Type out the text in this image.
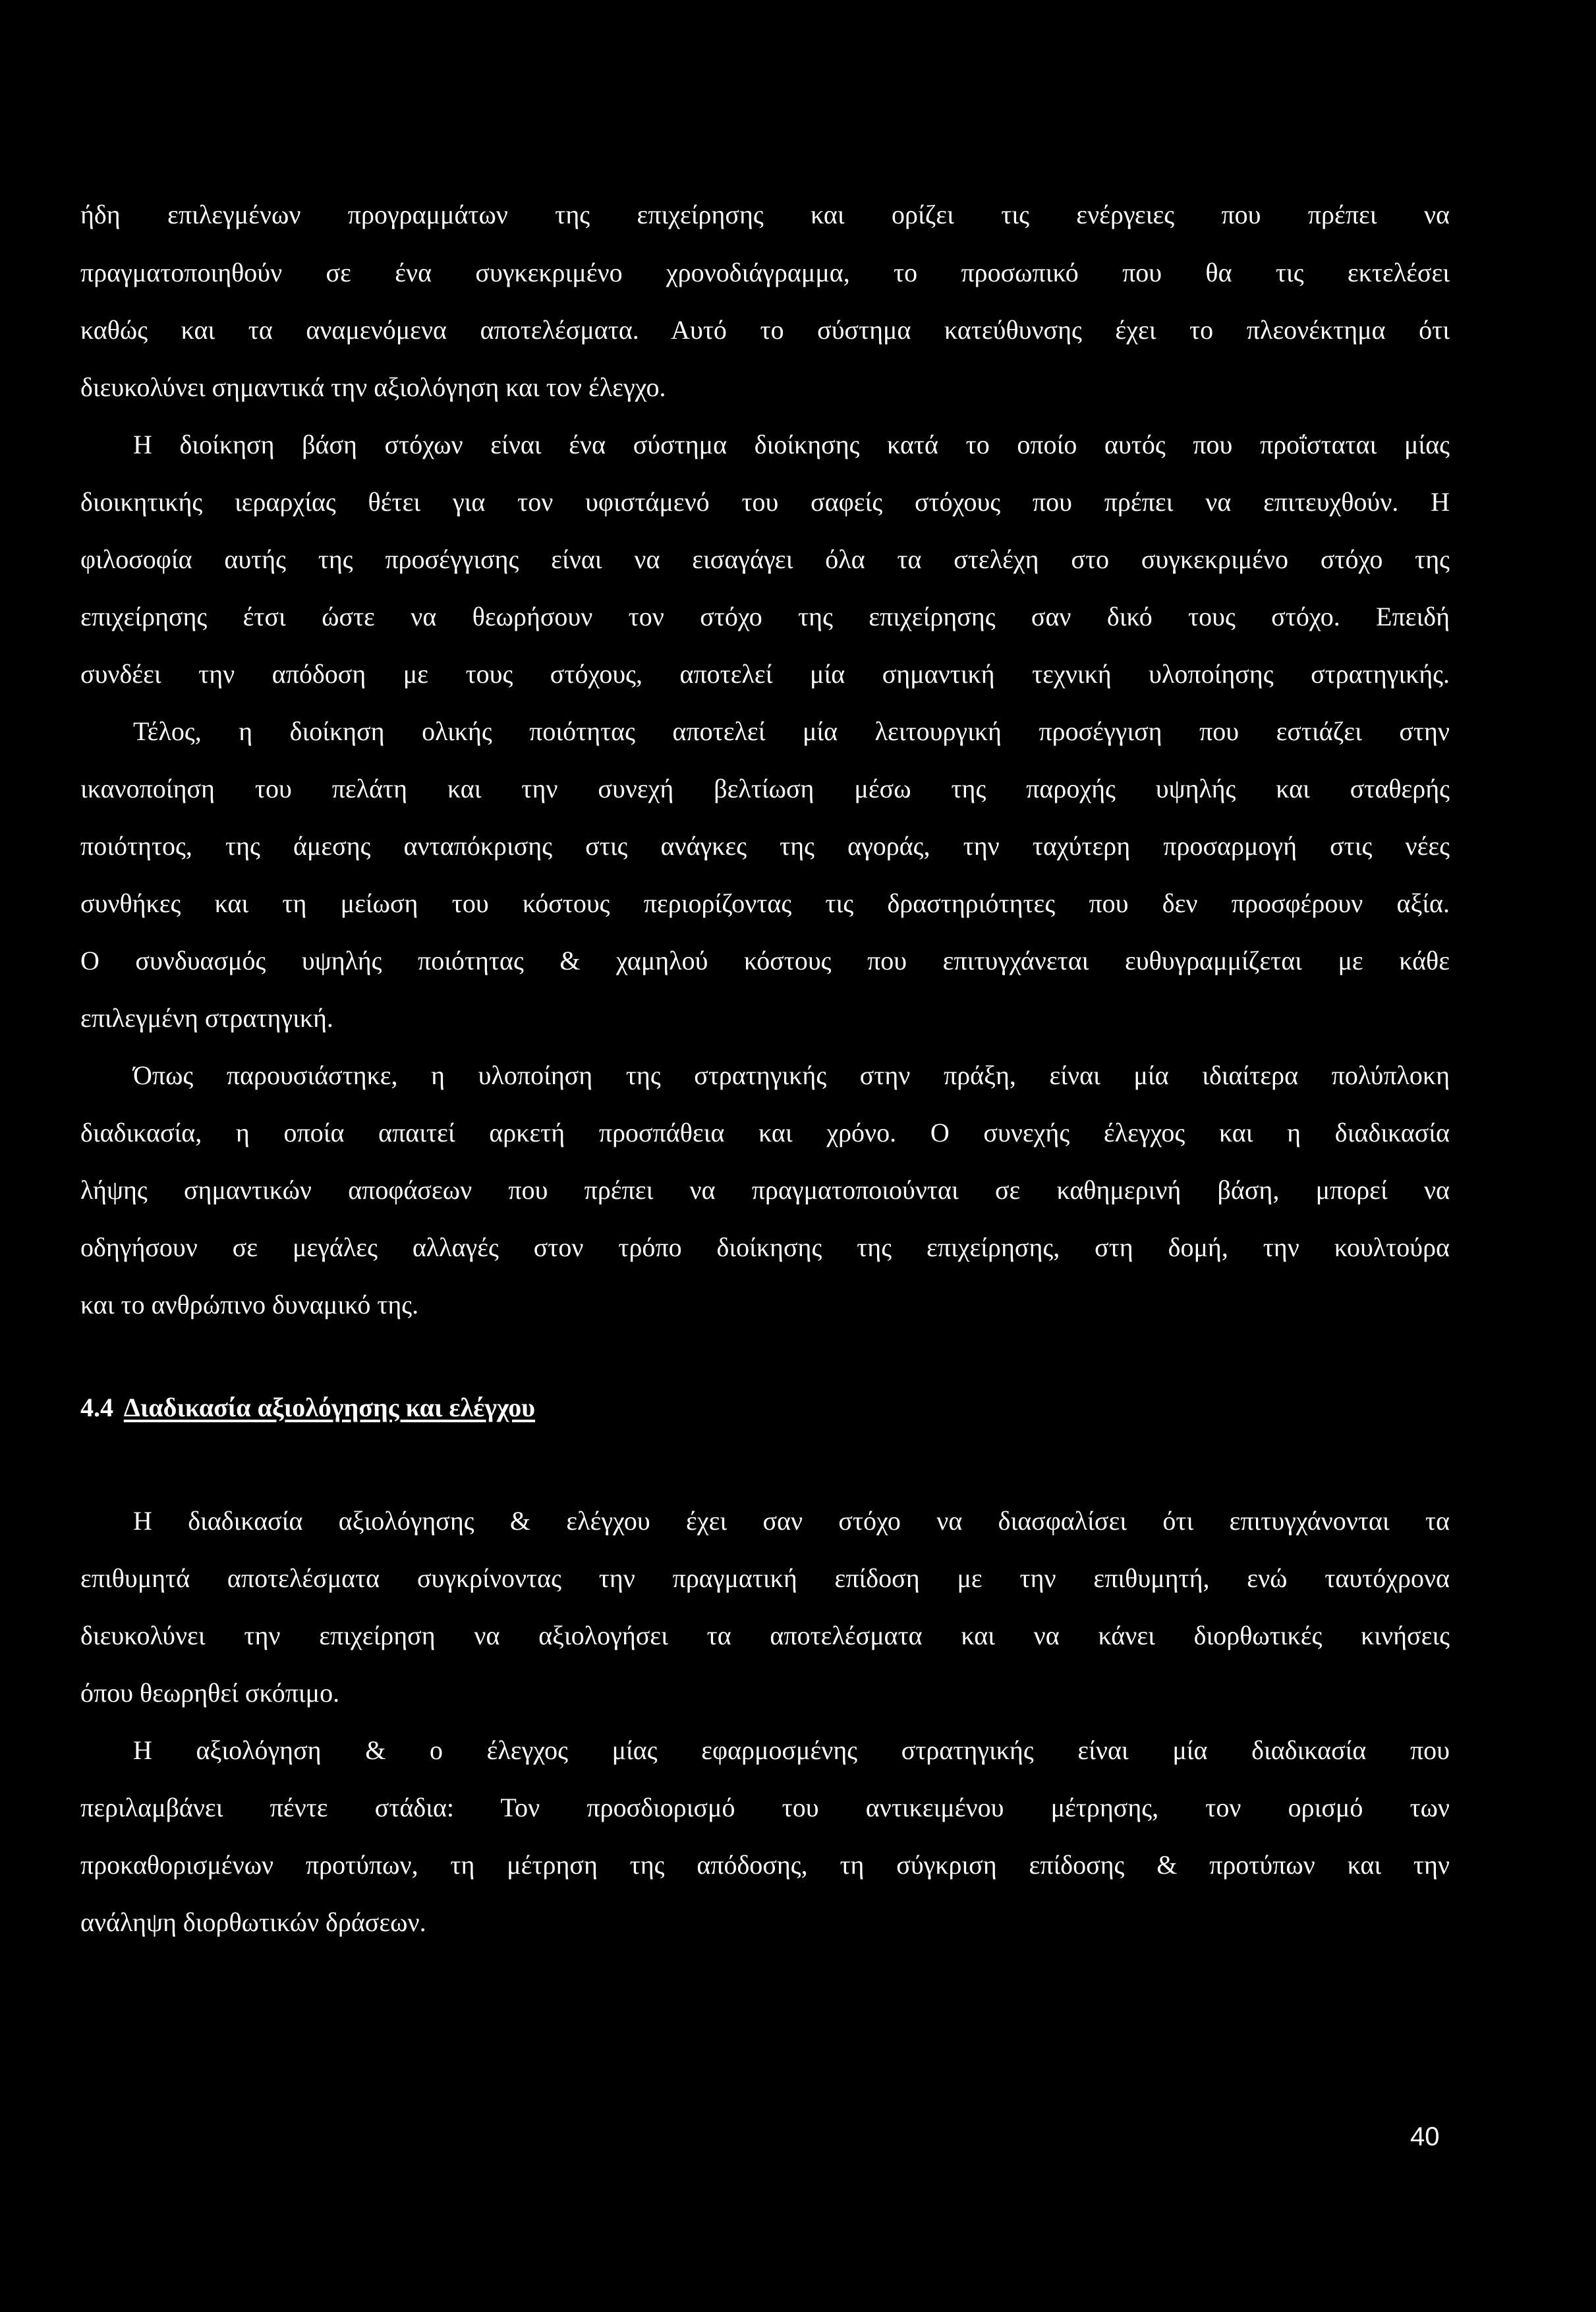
ήδη επιλεγμένων προγραμμάτων της επιχείρησης και ορίζει τις ενέργειες που πρέπει να
πραγματοποιηθούν σε ένα συγκεκριμένο χρονοδιάγραμμα, το προσωπικό που θα τις εκτελέσει
καθώς και τα αναμενόμενα αποτελέσματα. Αυτό το σύστημα κατεύθυνσης έχει το πλεονέκτημα ότι
διευκολύνει σημαντικά την αξιολόγηση και τον έλεγχο.
Η διοίκηση βάση στόχων είναι ένα σύστημα διοίκησης κατά το οποίο αυτός που προΐσταται μίας
διοικητικής ιεραρχίας θέτει για τον υφιστάμενό του σαφείς στόχους που πρέπει να επιτευχθούν. Η
φιλοσοφία αυτής της προσέγγισης είναι να εισαγάγει όλα τα στελέχη στο συγκεκριμένο στόχο της
επιχείρησης έτσι ώστε να θεωρήσουν τον στόχο της επιχείρησης σαν δικό τους στόχο. Επειδή
συνδέει την απόδοση με τους στόχους, αποτελεί μία σημαντική τεχνική υλοποίησης στρατηγικής.
Τέλος, η διοίκηση ολικής ποιότητας αποτελεί μία λειτουργική προσέγγιση που εστιάζει στην
ικανοποίηση του πελάτη και την συνεχή βελτίωση μέσω της παροχής υψηλής και σταθερής
ποιότητος, της άμεσης ανταπόκρισης στις ανάγκες της αγοράς, την ταχύτερη προσαρμογή στις νέες
συνθήκες και τη μείωση του κόστους περιορίζοντας τις δραστηριότητες που δεν προσφέρουν αξία.
Ο συνδυασμός υψηλής ποιότητας & χαμηλού κόστους που επιτυγχάνεται ευθυγραμμίζεται με κάθε
επιλεγμένη στρατηγική.
Όπως παρουσιάστηκε, η υλοποίηση της στρατηγικής στην πράξη, είναι μία ιδιαίτερα πολύπλοκη
διαδικασία, η οποία απαιτεί αρκετή προσπάθεια και χρόνο. Ο συνεχής έλεγχος και η διαδικασία
λήψης σημαντικών αποφάσεων που πρέπει να πραγματοποιούνται σε καθημερινή βάση, μπορεί να
οδηγήσουν σε μεγάλες αλλαγές στον τρόπο διοίκησης της επιχείρησης, στη δομή, την κουλτούρα
και το ανθρώπινο δυναμικό της.
4.4 Διαδικασία αξιολόγησης και ελέγχου
Η διαδικασία αξιολόγησης & ελέγχου έχει σαν στόχο να διασφαλίσει ότι επιτυγχάνονται τα
επιθυμητά αποτελέσματα συγκρίνοντας την πραγματική επίδοση με την επιθυμητή, ενώ ταυτόχρονα
διευκολύνει την επιχείρηση να αξιολογήσει τα αποτελέσματα και να κάνει διορθωτικές κινήσεις
όπου θεωρηθεί σκόπιμο.
Η αξιολόγηση & ο έλεγχος μίας εφαρμοσμένης στρατηγικής είναι μία διαδικασία που
περιλαμβάνει πέντε στάδια: Τον προσδιορισμό του αντικειμένου μέτρησης, τον ορισμό των
προκαθορισμένων προτύπων, τη μέτρηση της απόδοσης, τη σύγκριση επίδοσης & προτύπων και την
ανάληψη διορθωτικών δράσεων.
40
